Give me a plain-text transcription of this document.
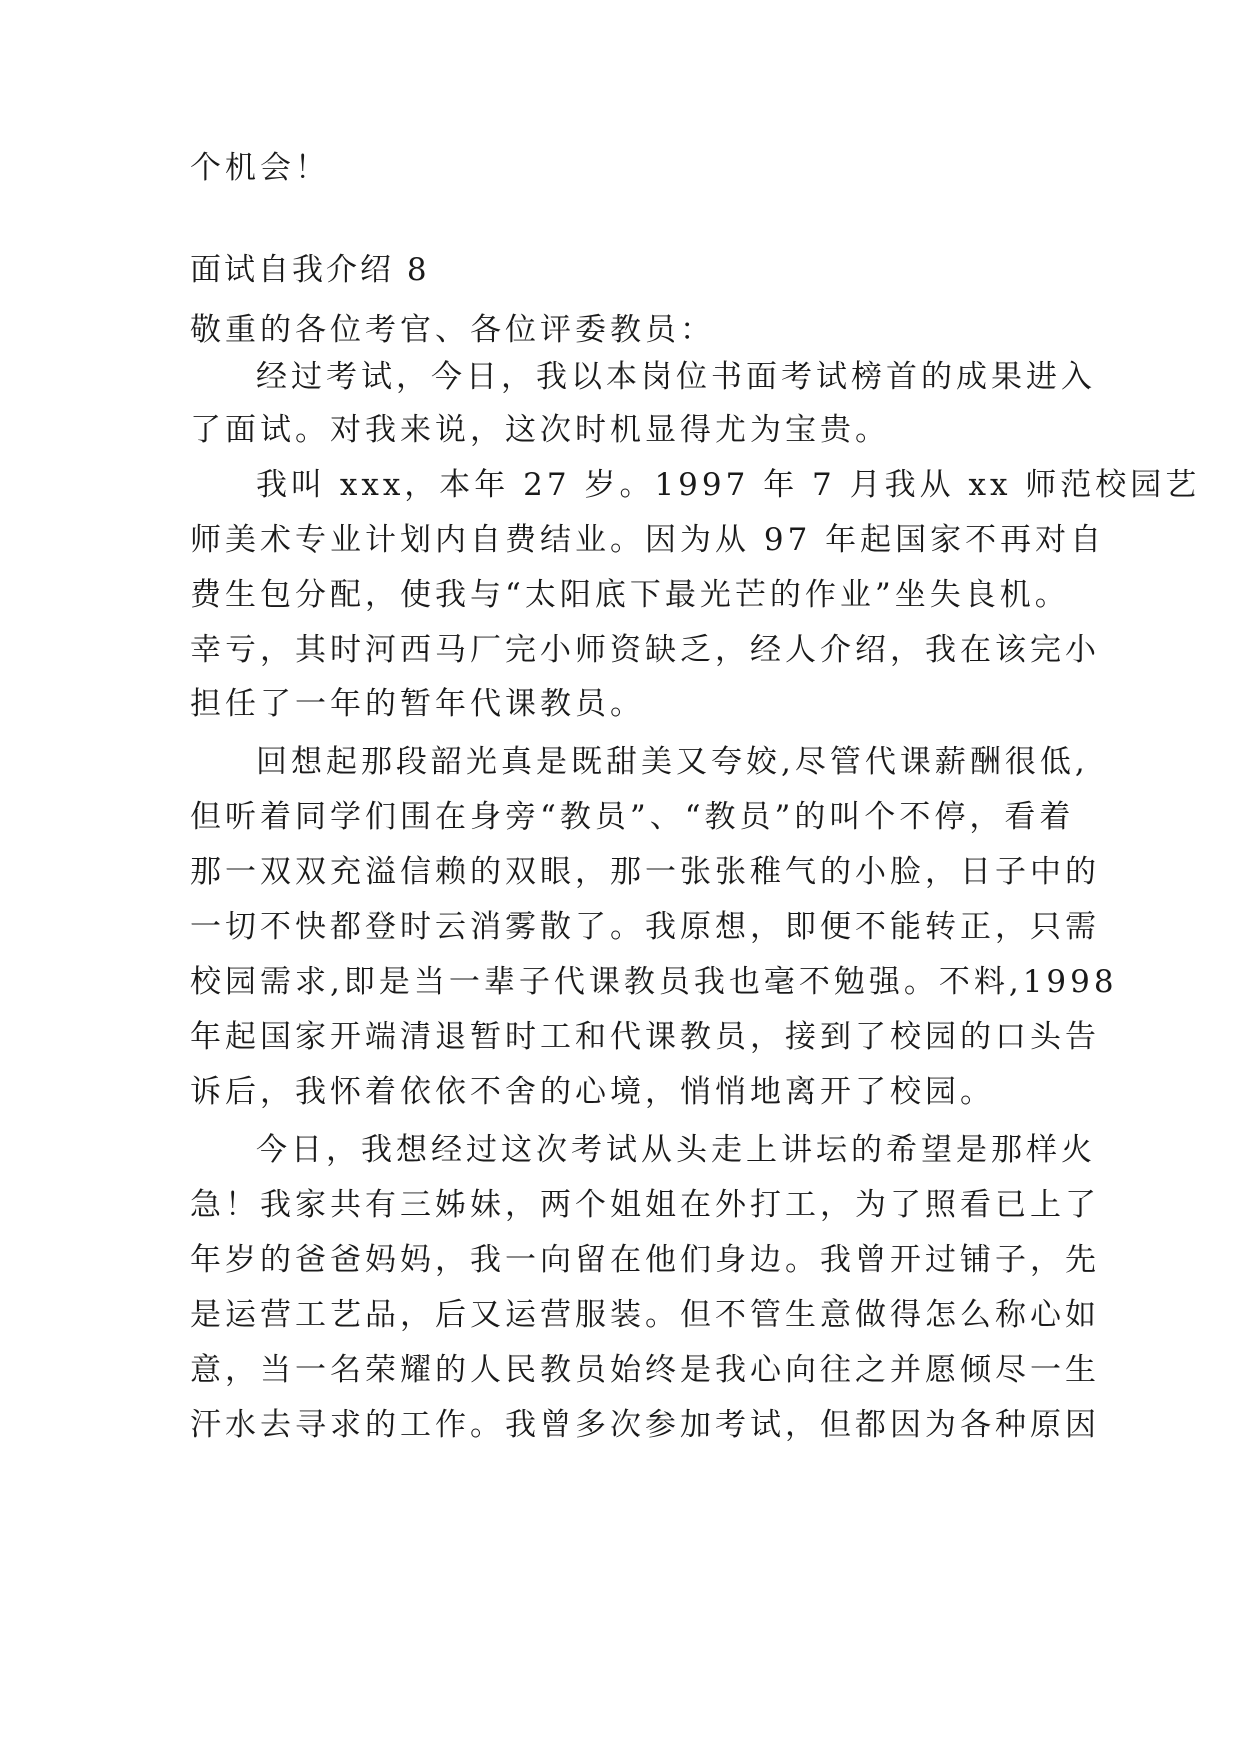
个机会！
面试自我介绍 8
敬重的各位考官、各位评委教员：
经过考试，今日，我以本岗位书面考试榜首的成果进入
了面试。对我来说，这次时机显得尤为宝贵。
我叫 xxx，本年 27 岁。1997 年 7 月我从 xx 师范校园艺
师美术专业计划内自费结业。因为从 97 年起国家不再对自
费生包分配，使我与“太阳底下最光芒的作业”坐失良机。
幸亏，其时河西马厂完小师资缺乏，经人介绍，我在该完小
担任了一年的暂年代课教员。
回想起那段韶光真是既甜美又夸姣,尽管代课薪酬很低,
但听着同学们围在身旁“教员”、“教员”的叫个不停，看着
那一双双充溢信赖的双眼，那一张张稚气的小脸，日子中的
一切不快都登时云消雾散了。我原想，即便不能转正，只需
校园需求,即是当一辈子代课教员我也毫不勉强。不料,1998
年起国家开端清退暂时工和代课教员，接到了校园的口头告
诉后，我怀着依依不舍的心境，悄悄地离开了校园。
今日，我想经过这次考试从头走上讲坛的希望是那样火
急！我家共有三姊妹，两个姐姐在外打工，为了照看已上了
年岁的爸爸妈妈，我一向留在他们身边。我曾开过铺子，先
是运营工艺品，后又运营服装。但不管生意做得怎么称心如
意，当一名荣耀的人民教员始终是我心向往之并愿倾尽一生
汗水去寻求的工作。我曾多次参加考试，但都因为各种原因
